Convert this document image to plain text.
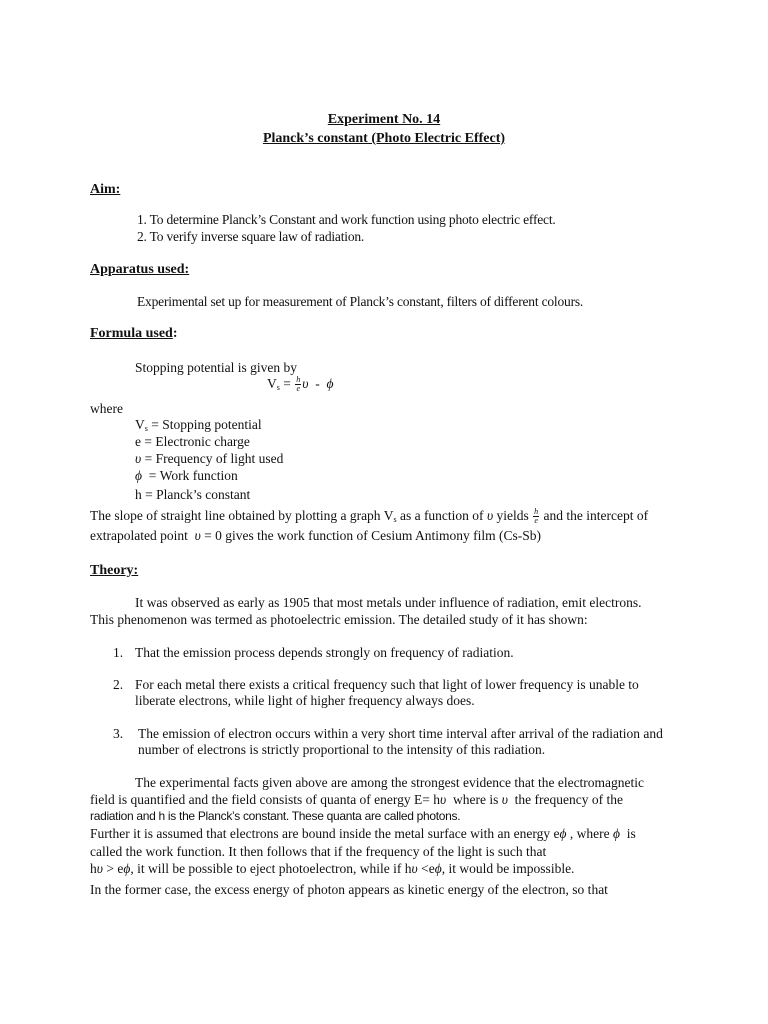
Experiment No. 14
Planck’s constant (Photo Electric Effect)
Aim:
1. To determine Planck’s Constant and work function using photo electric effect.
2. To verify inverse square law of radiation.
Apparatus used:
Experimental set up for measurement of Planck’s constant, filters of different colours.
Formula used:
Stopping potential is given by
$V_s = \frac{h}{e}$ υ  -  ϕ
where
$V_s$ = Stopping potential
e = Electronic charge
υ = Frequency of light used
ϕ  = Work function
h = Planck’s constant
The slope of straight line obtained by plotting a graph $V_s$ as a function of υ yields $\frac{h}{e}$ and the intercept of
extrapolated point  υ = 0 gives the work function of Cesium Antimony film (Cs-Sb)
Theory:
It was observed as early as 1905 that most metals under influence of radiation, emit electrons.
This phenomenon was termed as photoelectric emission. The detailed study of it has shown:
1. That the emission process depends strongly on frequency of radiation.
2. For each metal there exists a critical frequency such that light of lower frequency is unable to
liberate electrons, while light of higher frequency always does.
3. The emission of electron occurs within a very short time interval after arrival of the radiation and
number of electrons is strictly proportional to the intensity of this radiation.
The experimental facts given above are among the strongest evidence that the electromagnetic
field is quantified and the field consists of quanta of energy E= hυ  where is υ  the frequency of the
radiation and h is the Planck’s constant. These quanta are called photons.
Further it is assumed that electrons are bound inside the metal surface with an energy eϕ , where ϕ  is
called the work function. It then follows that if the frequency of the light is such that
hυ > eϕ, it will be possible to eject photoelectron, while if hυ <eϕ, it would be impossible.
In the former case, the excess energy of photon appears as kinetic energy of the electron, so that
